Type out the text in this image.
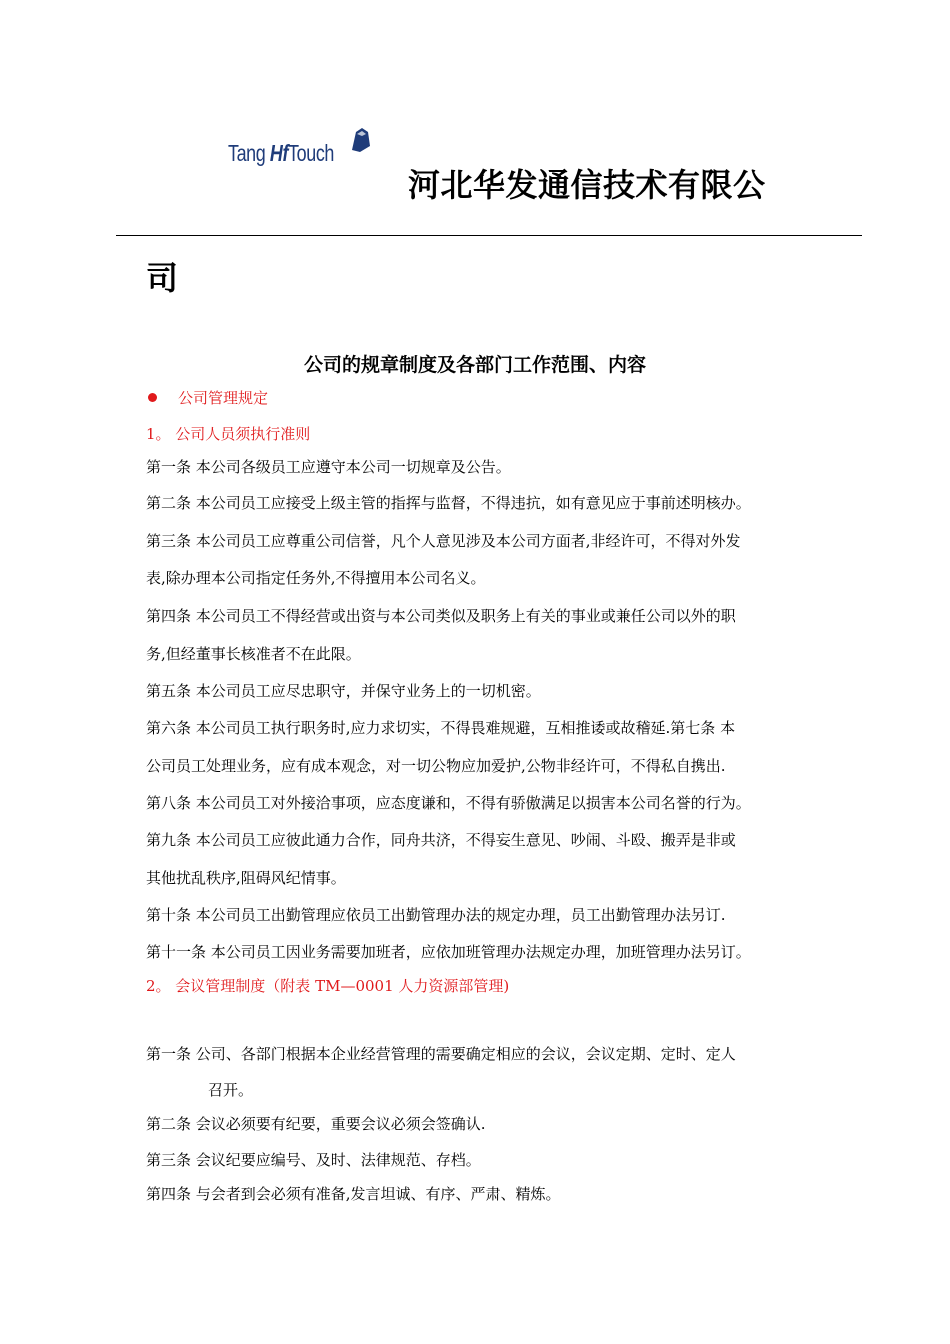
Tang HfTouch
河北华发通信技术有限公
司
公司的规章制度及各部门工作范围、内容
公司管理规定
1。 公司人员须执行准则
第一条 本公司各级员工应遵守本公司一切规章及公告。
第二条 本公司员工应接受上级主管的指挥与监督，不得违抗，如有意见应于事前述明核办。
第三条 本公司员工应尊重公司信誉，凡个人意见涉及本公司方面者,非经许可，不得对外发
表,除办理本公司指定任务外,不得擅用本公司名义。
第四条 本公司员工不得经营或出资与本公司类似及职务上有关的事业或兼任公司以外的职
务,但经董事长核准者不在此限。
第五条 本公司员工应尽忠职守，并保守业务上的一切机密。
第六条 本公司员工执行职务时,应力求切实，不得畏难规避，互相推诿或故稽延.第七条 本
公司员工处理业务，应有成本观念，对一切公物应加爱护,公物非经许可，不得私自携出.
第八条 本公司员工对外接洽事项，应态度谦和，不得有骄傲满足以损害本公司名誉的行为。
第九条 本公司员工应彼此通力合作，同舟共济，不得妄生意见、吵闹、斗殴、搬弄是非或
其他扰乱秩序,阻碍风纪情事。
第十条 本公司员工出勤管理应依员工出勤管理办法的规定办理，员工出勤管理办法另订.
第十一条 本公司员工因业务需要加班者，应依加班管理办法规定办理，加班管理办法另订。
2。 会议管理制度（附表 TM—0001 人力资源部管理)
第一条 公司、各部门根据本企业经营管理的需要确定相应的会议，会议定期、定时、定人
召开。
第二条 会议必须要有纪要，重要会议必须会签确认.
第三条 会议纪要应编号、及时、法律规范、存档。
第四条 与会者到会必须有准备,发言坦诚、有序、严肃、精炼。
